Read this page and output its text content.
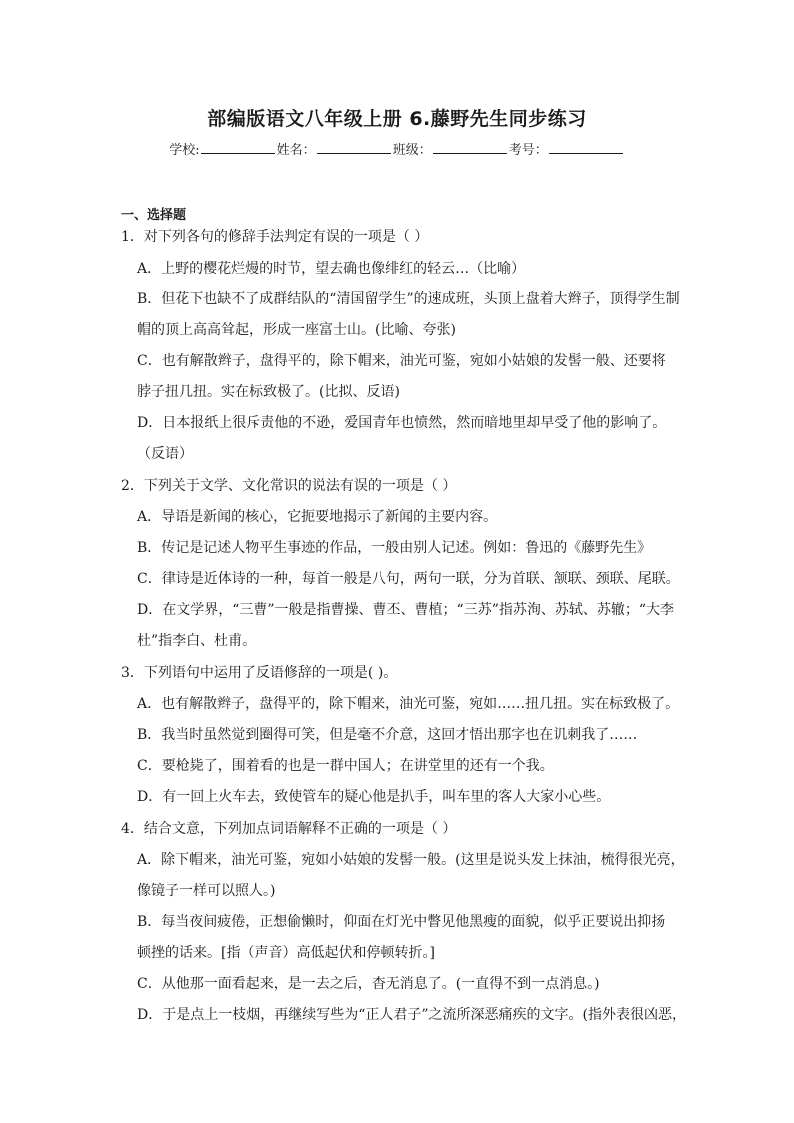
部编版语文八年级上册 6.藤野先生同步练习
学校:	姓名：	班级：	考号：
一、选择题
1．对下列各句的修辞手法判定有误的一项是（ ）
A．上野的樱花烂熳的时节，望去确也像绯红的轻云…（比喻）
B．但花下也缺不了成群结队的“清国留学生”的速成班，头顶上盘着大辫子，顶得学生制
帽的顶上高高耸起，形成一座富士山。(比喻、夸张)
C．也有解散辫子，盘得平的，除下帽来，油光可鉴，宛如小姑娘的发髻一般、还要将
脖子扭几扭。实在标致极了。(比拟、反语)
D．日本报纸上很斥责他的不逊，爱国青年也愤然，然而暗地里却早受了他的影响了。
（反语）
2．下列关于文学、文化常识的说法有误的一项是（ ）
A．导语是新闻的核心，它扼要地揭示了新闻的主要内容。
B．传记是记述人物平生事迹的作品，一般由别人记述。例如：鲁迅的《藤野先生》
C．律诗是近体诗的一种，每首一般是八句，两句一联，分为首联、颔联、颈联、尾联。
D．在文学界，“三曹”一般是指曹操、曹丕、曹植；“三苏”指苏洵、苏轼、苏辙；“大李
杜”指李白、杜甫。
3．下列语句中运用了反语修辞的一项是( )。
A．也有解散辫子，盘得平的，除下帽来，油光可鉴，宛如……扭几扭。实在标致极了。
B．我当时虽然觉到圈得可笑，但是毫不介意，这回才悟出那字也在讥刺我了……
C．要枪毙了，围着看的也是一群中国人；在讲堂里的还有一个我。
D．有一回上火车去，致使管车的疑心他是扒手，叫车里的客人大家小心些。
4．结合文意，下列加点词语解释不正确的一项是（ ）
A．除下帽来，油光可鉴，宛如小姑娘的发髻一般。(这里是说头发上抹油，梳得很光亮，
像镜子一样可以照人。)
B．每当夜间疲倦，正想偷懒时，仰面在灯光中瞥见他黑瘦的面貌，似乎正要说出抑扬
顿挫的话来。[指（声音）高低起伏和停顿转折。]
C．从他那一面看起来，是一去之后，杳无消息了。(一直得不到一点消息。)
D．于是点上一枝烟，再继续写些为“正人君子”之流所深恶痛疾的文字。(指外表很凶恶，
